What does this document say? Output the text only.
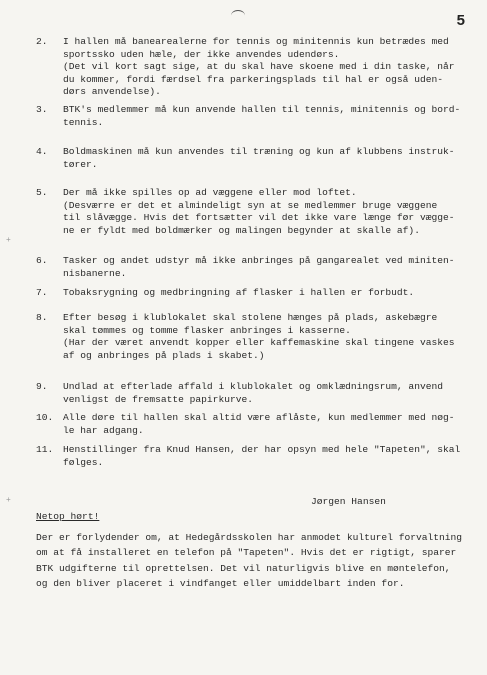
5
2.	I hallen må banearealerne for tennis og minitennis kun betrædes med
sportssko uden hæle, der ikke anvendes udendørs.
(Det vil kort sagt sige, at du skal have skoene med i din taske, når
du kommer, fordi færdsel fra parkeringsplads til hal er også uden-
dørs anvendelse).
3.	BTK's medlemmer må kun anvende hallen til tennis, minitennis og bord-
tennis.
4.	Boldmaskinen må kun anvendes til træning og kun af klubbens instruk-
tører.
5.	Der må ikke spilles op ad væggene eller mod loftet.
(Desværre er det et almindeligt syn at se medlemmer bruge væggene
til slåvægge. Hvis det fortsætter vil det ikke vare længe før vægge-
ne er fyldt med boldmærker og malingen begynder at skalle af).
6.	Tasker og andet udstyr må ikke anbringes på gangarealet ved miniten-
nisbanerne.
7.	Tobaksrygning og medbringning af flasker i hallen er forbudt.
8.	Efter besøg i klublokalet skal stolene hænges på plads, askebægre
skal tømmes og tomme flasker anbringes i kasserne.
(Har der været anvendt kopper eller kaffemaskine skal tingene vaskes
af og anbringes på plads i skabet.)
9.	Undlad at efterlade affald i klublokalet og omklædningsrum, anvend
venligst de fremsatte papirkurve.
10.	Alle døre til hallen skal altid være aflåste, kun medlemmer med nøg-
le har adgang.
11.	Henstillinger fra Knud Hansen, der har opsyn med hele "Tapeten", skal
følges.
Jørgen Hansen
Netop hørt!
Der er forlydender om, at Hedegårdsskolen har anmodet kulturel forvaltning
om at få installeret en telefon på "Tapeten". Hvis det er rigtigt, sparer
BTK udgifterne til oprettelsen. Det vil naturligvis blive en møntelefon,
og den bliver placeret i vindfanget eller umiddelbart inden for.
+
+
